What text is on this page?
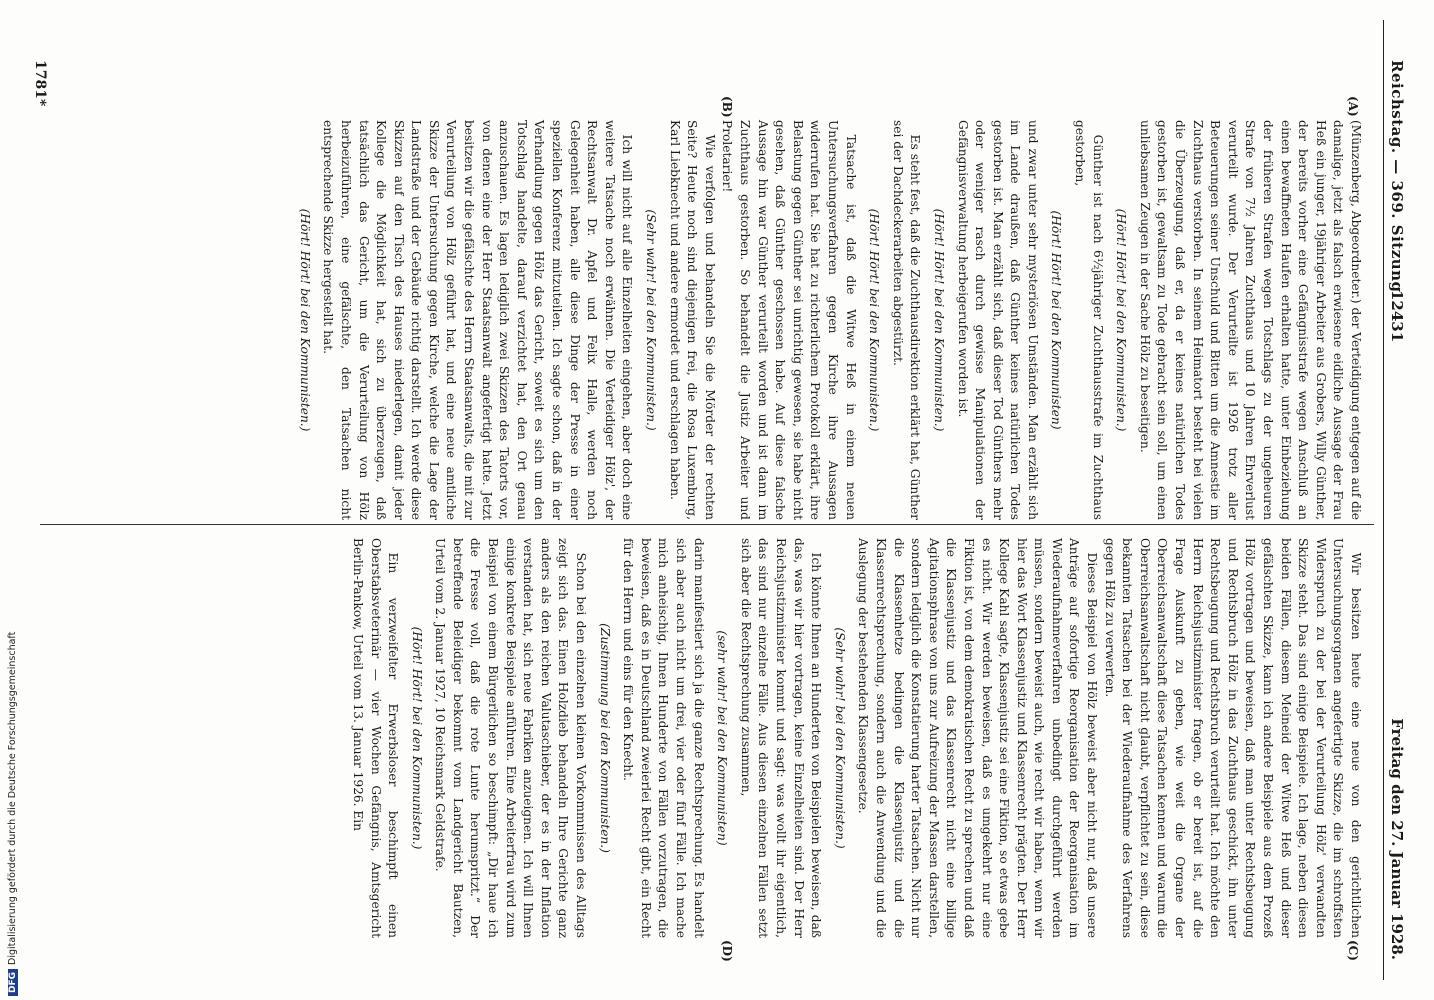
Reichstag. — 369. Sitzung.
12431
Freitag den 27. Januar 1928.
(A)
(B)
(C)
(D)

(Münzenberg, Abgeordneter.) der Verteidigung entgegen auf die damalige, jetzt als falsch erwiesene eidliche Aussage der Frau Heß ein junger, 19jähriger Arbeiter aus Grobers, Willy Günther, der bereits vorher eine Gefängnisstrafe wegen Anschluß an einen bewaffneten Haufen erhalten hatte, unter Einbeziehung der früheren Strafen wegen Totschlags zu der ungeheuren Strafe von 7½ Jahren Zuchthaus und 10 Jahren Ehrverlust verurteilt wurde. Der Verurteilte ist 1926 trotz aller Beteuerungen seiner Unschuld und Bitten um die Amnestie im Zuchthaus verstorben. In seinem Heimatort besteht bei vielen die Überzeugung, daß er, da er keines natürlichen Todes gestorben ist, gewaltsam zu Tode gebracht sein soll, um einen unliebsamen Zeugen in der Sache Hölz zu beseitigen.

(Hört! Hört! bei den Kommunisten.)

Günther ist nach 6½jähriger Zuchthausstrafe im Zuchthaus gestorben,

(Hört! Hört! bei den Kommunisten)

und zwar unter sehr mysteriösen Umständen. Man erzählt sich im Lande draußen, daß Günther keines natürlichen Todes gestorben ist. Man erzählt sich, daß dieser Tod Günthers mehr oder weniger rasch durch gewisse Manipulationen der Gefängnisverwaltung herbeigerufen worden ist.

(Hört! Hört! bei den Kommunisten.)

Es steht fest, daß die Zuchthausdirektion erklärt hat, Günther sei der Dachdeckerarbeiten abgestürzt.

(Hört! Hört! bei den Kommunisten.)

Tatsache ist, daß die Witwe Heß in einem neuen Untersuchungsverfahren gegen Kirche ihre Aussagen widerrufen hat. Sie hat zu richterlichem Protokoll erklärt, ihre Belastung gegen Günther sei unrichtig gewesen, sie habe nicht gesehen, daß Günther geschossen habe. Auf diese falsche Aussage hin war Günther verurteilt worden und ist dann im Zuchthaus gestorben. So behandelt die Justiz Arbeiter und Proletarier!

Wie verfolgen und behandeln Sie die Mörder der rechten Seite? Heute noch sind diejenigen frei, die Rosa Luxemburg, Karl Liebknecht und andere ermordet und erschlagen haben.

(Sehr wahr! bei den Kommunisten.)

Ich will nicht auf alle Einzelheiten eingehen, aber doch eine weitere Tatsache noch erwähnen. Die Verteidiger Hölz', der Rechtsanwalt Dr. Apfel und Felix Halle, werden noch Gelegenheit haben, alle diese Dinge der Presse in einer speziellen Konferenz mitzuteilen. Ich sagte schon, daß in der Verhandlung gegen Hölz das Gericht, soweit es sich um den Totschlag handelte, darauf verzichtet hat, den Ort genau anzuschauen. Es lagen lediglich zwei Skizzen des Tatorts vor, von denen eine der Herr Staatsanwalt angefertigt hatte. Jetzt besitzen wir die gefälschte des Herrn Staatsanwalts, die mit zur Verurteilung von Hölz geführt hat, und eine neue amtliche Skizze der Untersuchung gegen Kirche, welche die Lage der Landstraße und der Gebäude richtig darstellt. Ich werde diese Skizzen auf den Tisch des Hauses niederlegen, damit jeder Kollege die Möglichkeit hat, sich zu überzeugen, daß tatsächlich das Gericht, um die Verurteilung von Hölz herbeizuführen, eine gefälschte, den Tatsachen nicht entsprechende Skizze hergestellt hat.

(Hört! Hört! bei den Kommunisten.)

Wir besitzen heute eine neue von den gerichtlichen Untersuchungsorganen angefertigte Skizze, die im schroffsten Widerspruch zu der bei der Verurteilung Hölz' verwandten Skizze steht. Das sind einige Beispiele. Ich lage, neben diesen beiden Fällen, diesem Meineid der Witwe Heß und dieser gefälschten Skizze, kann ich andere Beispiele aus dem Prozeß Hölz vortragen und beweisen, daß man unter Rechtsbeugung und Rechtsbruch Hölz in das Zuchthaus geschickt, ihn unter Rechtsbeugung und Rechtsbruch verurteilt hat. Ich möchte den Herrn Reichsjustizminister fragen, ob er bereit ist, auf die Frage Auskunft zu geben, wie weit die Organe der Oberreichsanwaltschaft diese Tatsachen kennen und warum die Oberreichsanwaltschaft nicht glaubt, verpflichtet zu sein, diese bekannten Tatsachen bei der Wiederaufnahme des Verfahrens gegen Hölz zu verwerten.

Dieses Beispiel von Hölz beweist aber nicht nur, daß unsere Anträge auf sofortige Reorganisation der Reorganisation im Wiederaufnahmeverfahren unbedingt durchgeführt werden müssen, sondern beweist auch, wie recht wir haben, wenn wir hier das Wort Klassenjustiz und Klassenrecht prägten. Der Herr Kollege Kahl sagte, Klassenjustiz sei eine Fiktion, so etwas gebe es nicht. Wir werden beweisen, daß es umgekehrt nur eine Fiktion ist, von dem demokratischen Recht zu sprechen und daß die Klassenjustiz und das Klassenrecht nicht eine billige Agitationsphrase von uns zur Aufreizung der Massen darstellen, sondern lediglich die Konstatierung harter Tatsachen. Nicht nur die Klassenhetze bedingen die Klassenjustiz und die Klassenrechtsprechung, sondern auch die Anwendung und die Auslegung der bestehenden Klassengesetze.

(Sehr wahr! bei den Kommunisten.)

Ich könnte Ihnen an Hunderten von Beispielen beweisen, daß das, was wir hier vortragen, keine Einzelheiten sind. Der Herr Reichsjustizminister kommt und sagt: was wollt ihr eigentlich, das sind nur einzelne Fälle. Aus diesen einzelnen Fällen setzt sich aber die Rechtsprechung zusammen,

(sehr wahr! bei den Kommunisten)

darin manifestiert sich ja die ganze Rechtsprechung. Es handelt sich aber auch nicht um drei, vier oder fünf Fälle. Ich mache mich anheischig, Ihnen Hunderte von Fällen vorzutragen, die beweisen, daß es in Deutschland zweierlei Recht gibt, ein Recht für den Herrn und eins für den Knecht.

(Zustimmung bei den Kommunisten.)

Schon bei den einzelnen kleinen Vorkommnissen des Alltags zeigt sich das. Einen Holzdieb behandeln Ihre Gerichte ganz anders als den reichen Valutaschieber, der es in der Inflation verstanden hat, sich neue Fabriken anzueignen. Ich will Ihnen einige konkrete Beispiele anführen. Eine Arbeiterfrau wird zum Beispiel von einem Bürgerlichen so beschimpft: „Dir haue ich die Fresse voll, daß die rote Lunte herumspritzt.“ Der betreffende Beleidiger bekommt vom Landgericht Bautzen, Urteil vom 2. Januar 1927, 10 Reichsmark Geldstrafe.

(Hört! Hört! bei den Kommunisten.)

Ein verzweifelter Erwerbsloser beschimpft einen Oberstabsveterinär — vier Wochen Gefängnis, Amtsgericht Berlin-Pankow, Urteil vom 13. Januar 1926. Ein

1781*
DFGDigitalisierung gefördert durch die Deutsche Forschungsgemeinschaft
